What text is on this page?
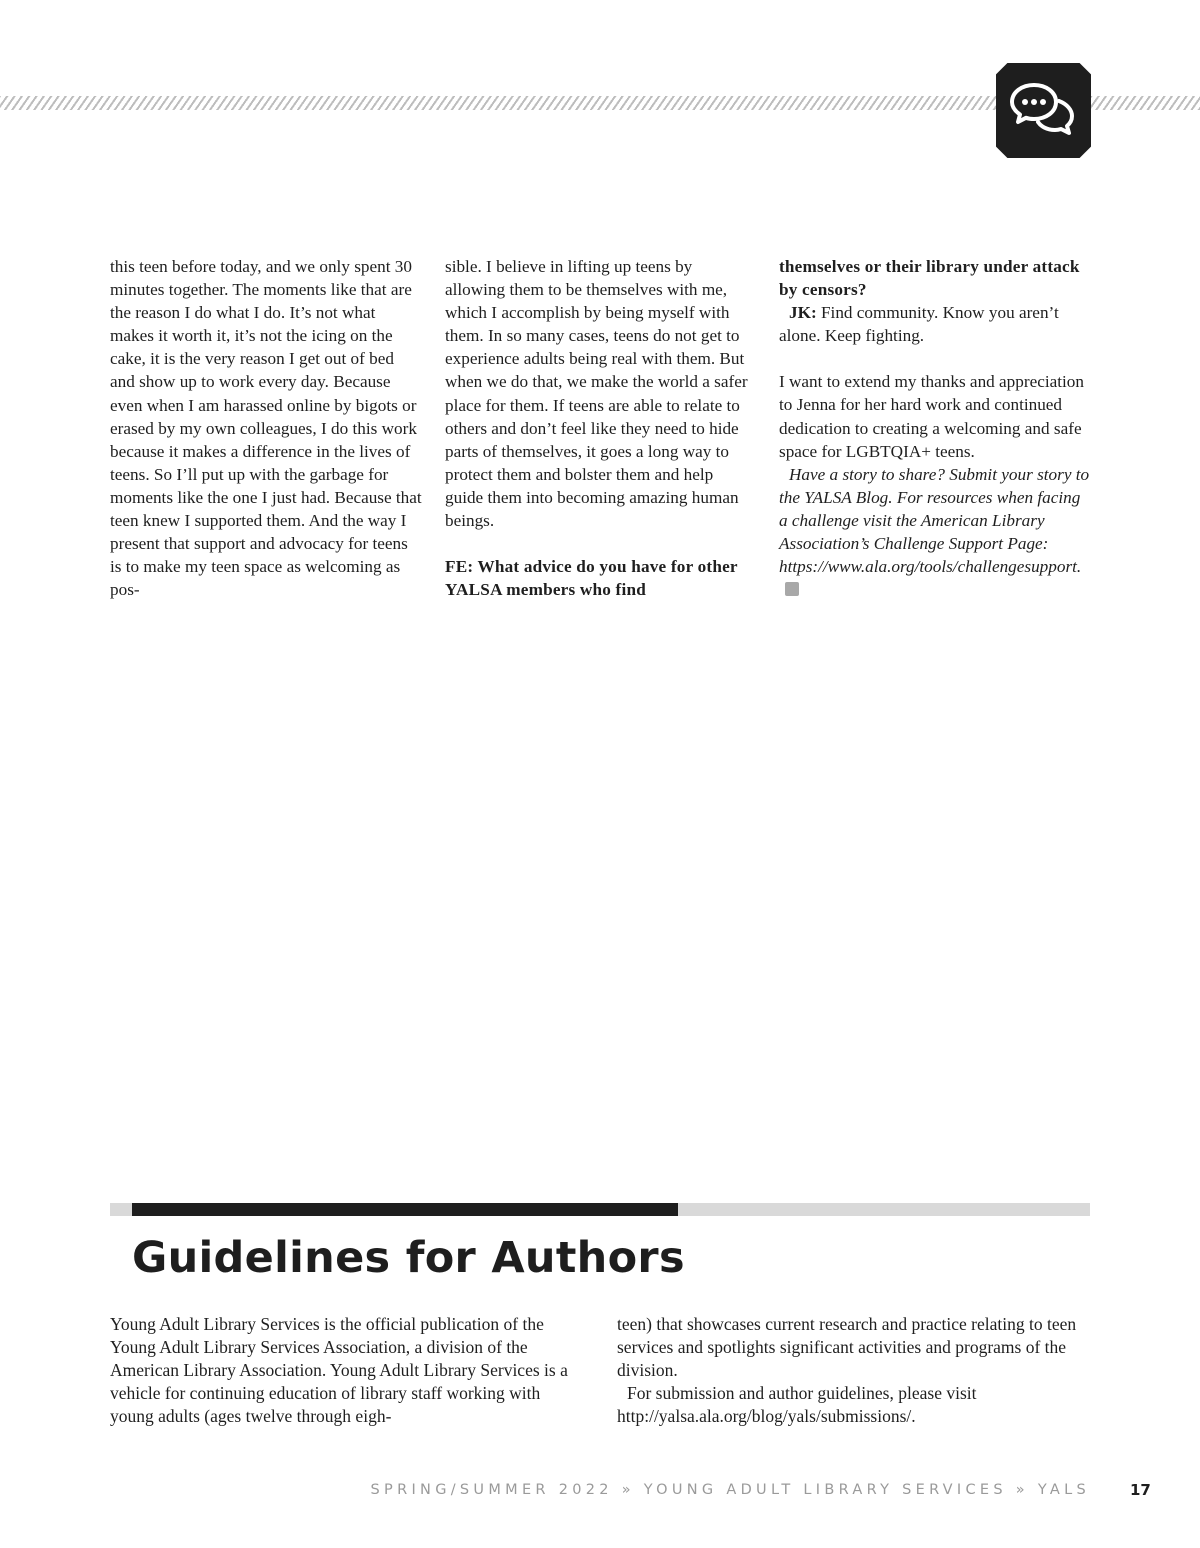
this teen before today, and we only spent 30 minutes together. The moments like that are the reason I do what I do. It’s not what makes it worth it, it’s not the icing on the cake, it is the very reason I get out of bed and show up to work every day. Because even when I am harassed online by bigots or erased by my own colleagues, I do this work because it makes a difference in the lives of teens. So I’ll put up with the garbage for moments like the one I just had. Because that teen knew I supported them. And the way I present that support and advocacy for teens is to make my teen space as welcoming as pos-

sible. I believe in lifting up teens by allowing them to be themselves with me, which I accomplish by being myself with them. In so many cases, teens do not get to experience adults being real with them. But when we do that, we make the world a safer place for them. If teens are able to relate to others and don’t feel like they need to hide parts of themselves, it goes a long way to protect them and bolster them and help guide them into becoming amazing human beings.

FE: What advice do you have for other YALSA members who find

themselves or their library under attack by censors?

JK: Find community. Know you aren’t alone. Keep fighting.

I want to extend my thanks and appreciation to Jenna for her hard work and continued dedication to creating a welcoming and safe space for LGBTQIA+ teens.

Have a story to share? Submit your story to the YALSA Blog. For resources when facing a challenge visit the American Library Association’s Challenge Support Page: https://www.ala.org/tools/challengesupport.

Guidelines for Authors

Young Adult Library Services is the official publication of the Young Adult Library Services Association, a division of the American Library Association. Young Adult Library Services is a vehicle for continuing education of library staff working with young adults (ages twelve through eigh-

teen) that showcases current research and practice relating to teen services and spotlights significant activities and programs of the division.

For submission and author guidelines, please visit http://yalsa.ala.org/blog/yals/submissions/.

SPRING/SUMMER 2022 » YOUNG ADULT LIBRARY SERVICES » YALS	17
